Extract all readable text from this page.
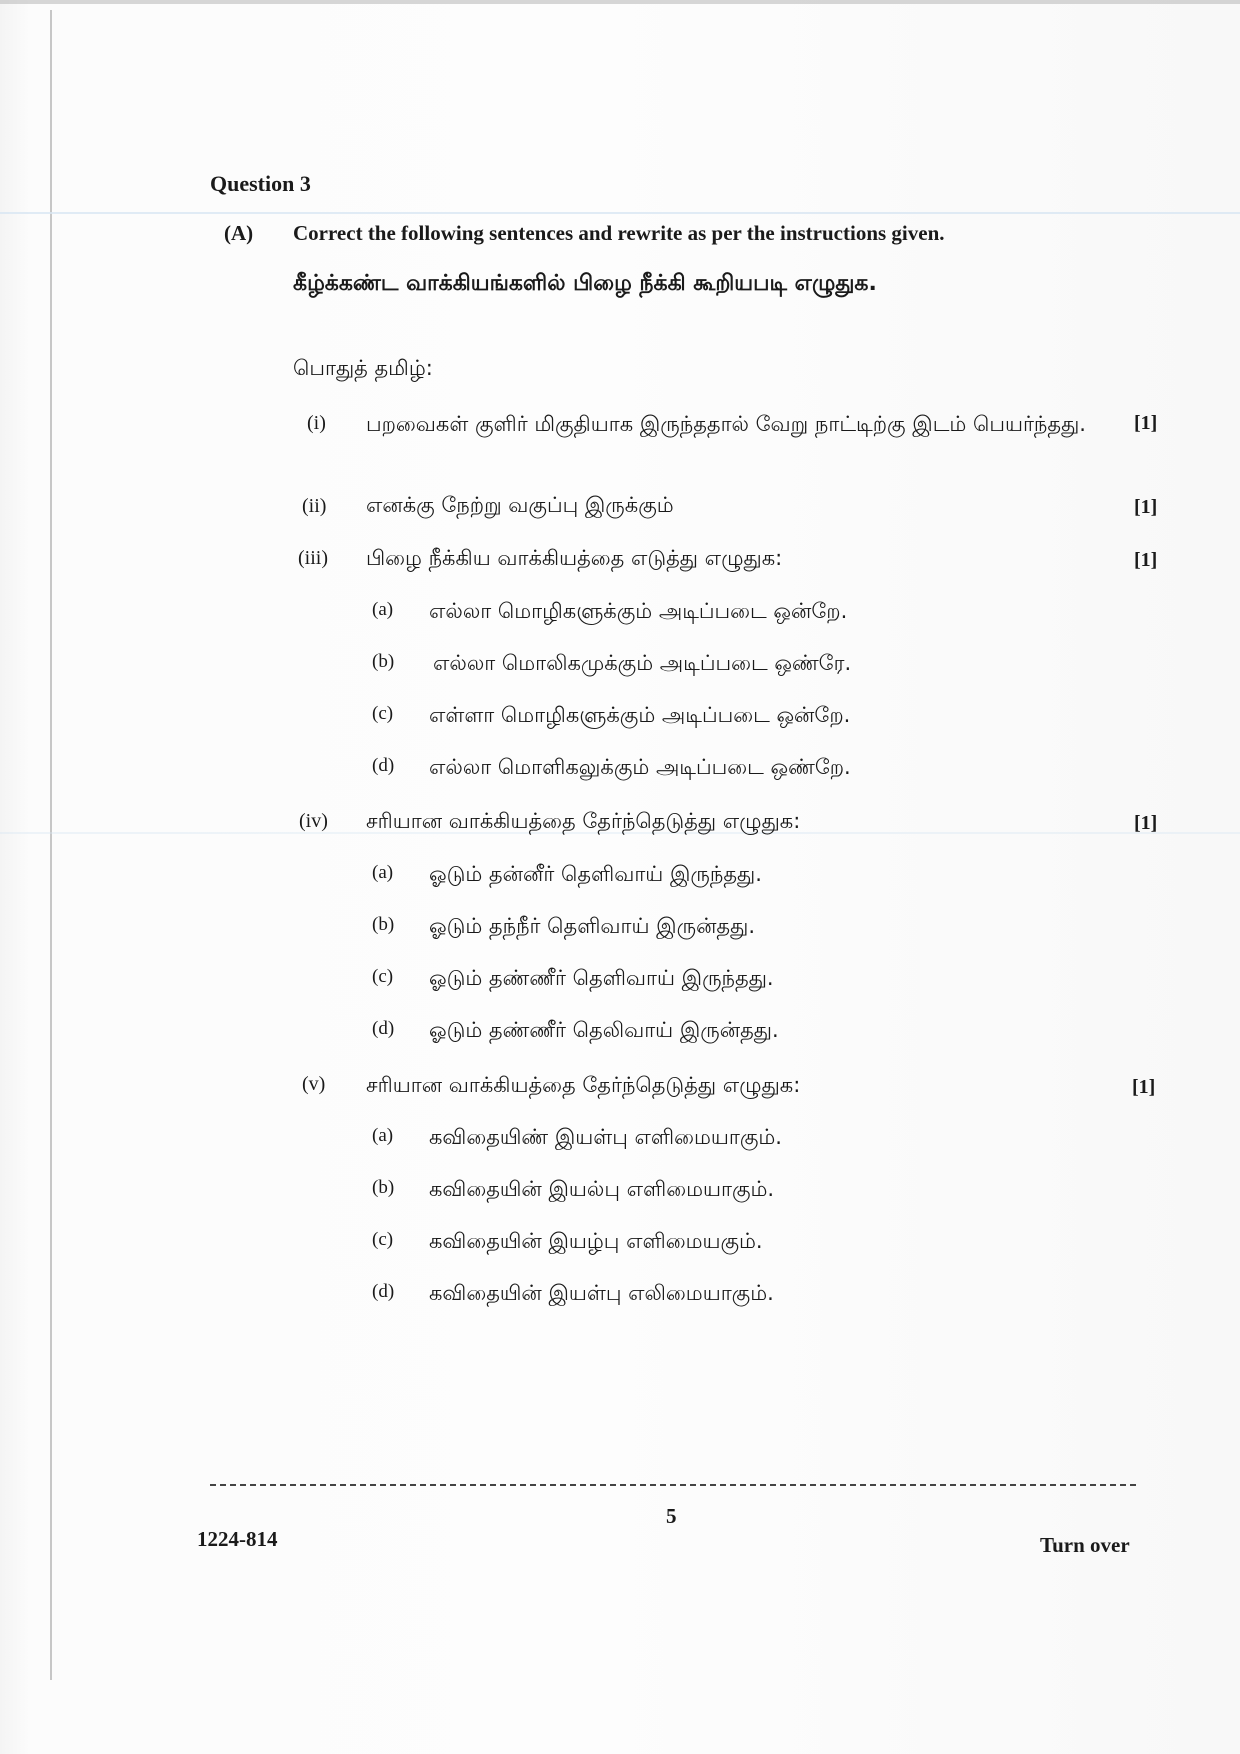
Question 3
(A) Correct the following sentences and rewrite as per the instructions given.
கீழ்க்கண்ட வாக்கியங்களில் பிழை நீக்கி கூறியபடி எழுதுக.
பொதுத் தமிழ்:
(i) பறவைகள் குளிர் மிகுதியாக இருந்ததால் வேறு நாட்டிற்கு இடம் பெயர்ந்தது.	[1]
(ii) எனக்கு நேற்று வகுப்பு இருக்கும்	[1]
(iii) பிழை நீக்கிய வாக்கியத்தை எடுத்து எழுதுக:	[1]
(a) எல்லா மொழிகளுக்கும் அடிப்படை ஒன்றே.
(b) எல்லா மொலிகமுக்கும் அடிப்படை ஒண்ரே.
(c) எள்ளா மொழிகளுக்கும் அடிப்படை ஒன்றே.
(d) எல்லா மொளிகலுக்கும் அடிப்படை ஒண்றே.
(iv) சரியான வாக்கியத்தை தேர்ந்தெடுத்து எழுதுக:	[1]
(a) ஓடும் தன்னீர் தெளிவாய் இருந்தது.
(b) ஓடும் தந்நீர் தெளிவாய் இருன்தது.
(c) ஓடும் தண்ணீர் தெளிவாய் இருந்தது.
(d) ஓடும் தண்ணீர் தெலிவாய் இருன்தது.
(v) சரியான வாக்கியத்தை தேர்ந்தெடுத்து எழுதுக:	[1]
(a) கவிதையிண் இயள்பு எளிமையாகும்.
(b) கவிதையின் இயல்பு எளிமையாகும்.
(c) கவிதையின் இயழ்பு எளிமையகும்.
(d) கவிதையின் இயள்பு எலிமையாகும்.
5
1224-814	Turn over
